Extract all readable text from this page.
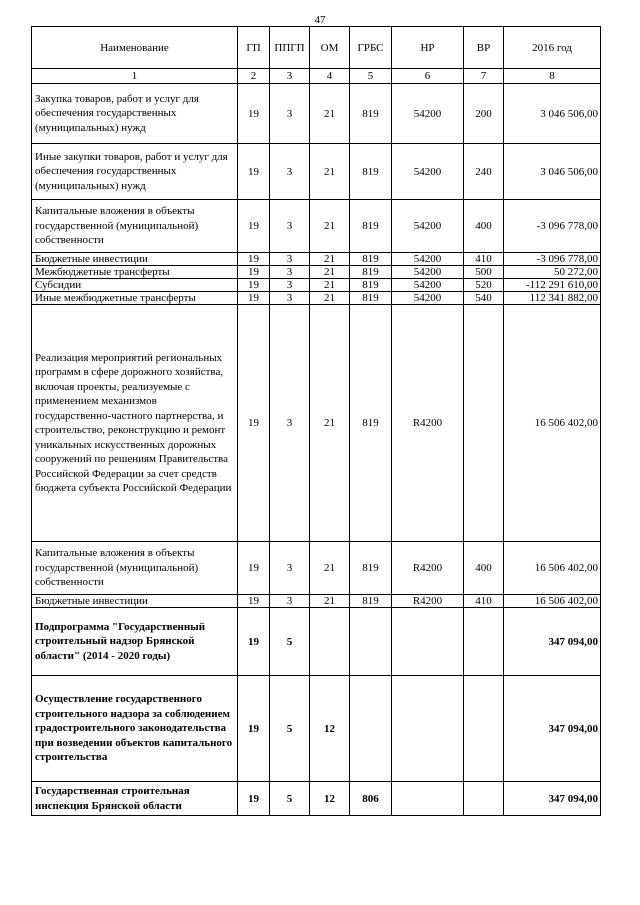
47
Наименование	ГП	ППГП	ОМ	ГРБС	НР	ВР	2016 год
1	2	3	4	5	6	7	8
Закупка товаров, работ и услуг для обеспечения государственных (муниципальных) нужд	19	3	21	819	54200	200	3 046 506,00
Иные закупки товаров, работ и услуг для обеспечения государственных (муниципальных) нужд	19	3	21	819	54200	240	3 046 506,00
Капитальные вложения в объекты государственной (муниципальной) собственности	19	3	21	819	54200	400	-3 096 778,00
Бюджетные инвестиции	19	3	21	819	54200	410	-3 096 778,00
Межбюджетные трансферты	19	3	21	819	54200	500	50 272,00
Субсидии	19	3	21	819	54200	520	-112 291 610,00
Иные межбюджетные трансферты	19	3	21	819	54200	540	112 341 882,00
Реализация мероприятий региональных программ в сфере дорожного хозяйства, включая проекты, реализуемые с применением механизмов государственно-частного партнерства, и строительство, реконструкцию и ремонт уникальных искусственных дорожных сооружений по решениям Правительства Российской Федерации за счет средств бюджета субъекта Российской Федерации	19	3	21	819	R4200		16 506 402,00
Капитальные вложения в объекты государственной (муниципальной) собственности	19	3	21	819	R4200	400	16 506 402,00
Бюджетные инвестиции	19	3	21	819	R4200	410	16 506 402,00
Подпрограмма "Государственный строительный надзор Брянской области" (2014 - 2020 годы)	19	5					347 094,00
Осуществление государственного строительного надзора за соблюдением градостроительного законодательства при возведении объектов капитального строительства	19	5	12				347 094,00
Государственная строительная инспекция Брянской области	19	5	12	806			347 094,00
